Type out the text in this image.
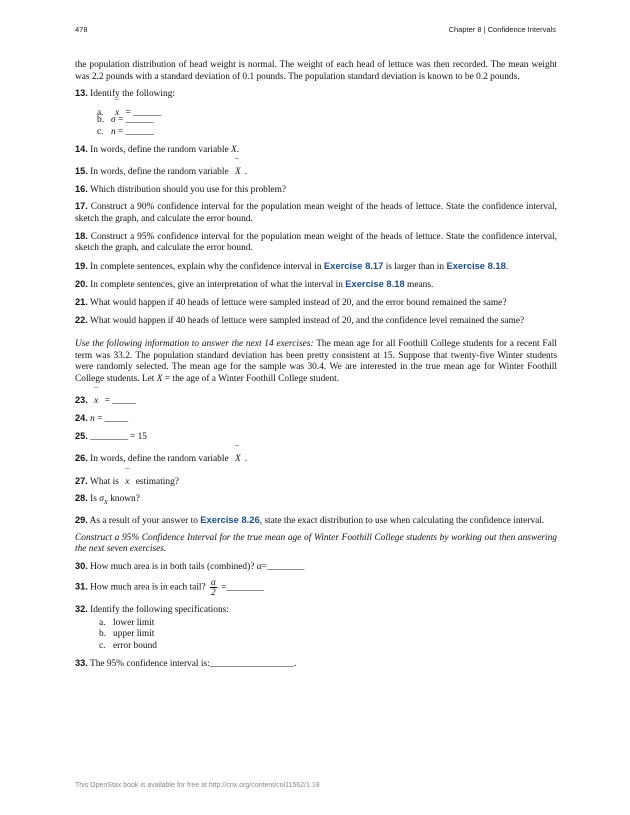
478	Chapter 8 | Confidence Intervals

the population distribution of head weight is normal. The weight of each head of lettuce was then recorded. The mean weight was 2.2 pounds with a standard deviation of 0.1 pounds. The population standard deviation is known to be 0.2 pounds.

13. Identify the following:
a. ¯ x = ______
b. σ = ______
c. n = ______
14. In words, define the random variable X.
15. In words, define the random variable ¯ X .
16. Which distribution should you use for this problem?
17. Construct a 90% confidence interval for the population mean weight of the heads of lettuce. State the confidence interval, sketch the graph, and calculate the error bound.
18. Construct a 95% confidence interval for the population mean weight of the heads of lettuce. State the confidence interval, sketch the graph, and calculate the error bound.
19. In complete sentences, explain why the confidence interval in Exercise 8.17 is larger than in Exercise 8.18.
20. In complete sentences, give an interpretation of what the interval in Exercise 8.18 means.
21. What would happen if 40 heads of lettuce were sampled instead of 20, and the error bound remained the same?
22. What would happen if 40 heads of lettuce were sampled instead of 20, and the confidence level remained the same?

Use the following information to answer the next 14 exercises: The mean age for all Foothill College students for a recent Fall term was 33.2. The population standard deviation has been pretty consistent at 15. Suppose that twenty-five Winter students were randomly selected. The mean age for the sample was 30.4. We are interested in the true mean age for Winter Foothill College students. Let X = the age of a Winter Foothill College student.

23. ¯ x = _____
24. n = _____
25. ________ = 15
26. In words, define the random variable ¯ X .
27. What is ¯ x estimating?
28. Is $\sigma_X$ known?
29. As a result of your answer to Exercise 8.26, state the exact distribution to use when calculating the confidence interval.

Construct a 95% Confidence Interval for the true mean age of Winter Foothill College students by working out then answering the next seven exercises.

30. How much area is in both tails (combined)? α=________
31. How much area is in each tail? $\frac{\alpha}{2}$ =________
32. Identify the following specifications:
a. lower limit
b. upper limit
c. error bound
33. The 95% confidence interval is:__________________.
This OpenStax book is available for free at http://cnx.org/content/col11562/1.18
